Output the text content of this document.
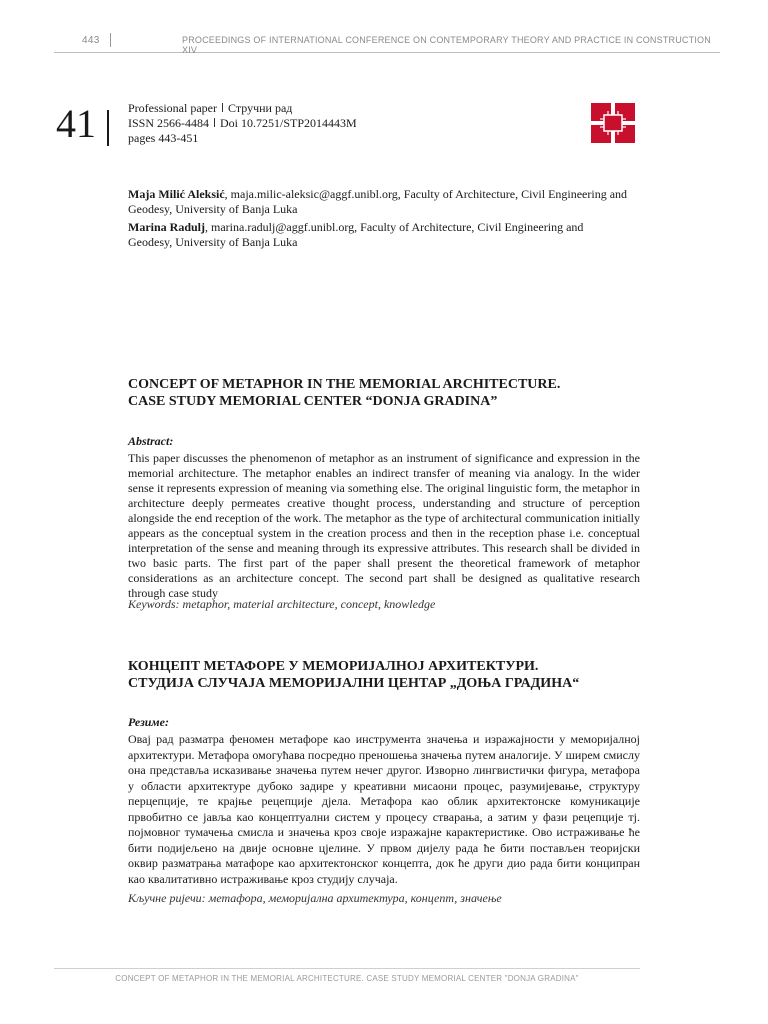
443	PROCEEDINGS OF INTERNATIONAL CONFERENCE ON CONTEMPORARY THEORY AND PRACTICE IN CONSTRUCTION XIV
41	Professional paper Стручни рад
ISSN 2566-4484 Doi 10.7251/STP2014443M
pages 443-451

Maja Milić Aleksić, maja.milic-aleksic@aggf.unibl.org, Faculty of Architecture, Civil Engineering and Geodesy, University of Banja Luka

Marina Radulj, marina.radulj@aggf.unibl.org, Faculty of Architecture, Civil Engineering and Geodesy, University of Banja Luka

CONCEPT OF METAPHOR IN THE MEMORIAL ARCHITECTURE.
CASE STUDY MEMORIAL CENTER “DONJA GRADINA”
Abstract:

This paper discusses the phenomenon of metaphor as an instrument of significance and expression in the memorial architecture. The metaphor enables an indirect transfer of meaning via analogy. In the wider sense it represents expression of meaning via something else. The original linguistic form, the metaphor in architecture deeply permeates creative thought process, understanding and structure of perception alongside the end reception of the work. The metaphor as the type of architectural communication initially appears as the conceptual system in the creation process and then in the reception phase i.e. conceptual interpretation of the sense and meaning through its expressive attributes. This research shall be divided in two basic parts. The first part of the paper shall present the theoretical framework of metaphor considerations as an architecture concept. The second part shall be designed as qualitative research through case study

Keywords: metaphor, material architecture, concept, knowledge
КОНЦЕПТ МЕТАФОРЕ У МЕМОРИЈАЛНОЈ АРХИТЕКТУРИ.
СТУДИЈА СЛУЧАЈА МЕМОРИЈАЛНИ ЦЕНТАР „ДОЊА ГРАДИНА“
Резиме:

Овај рад разматра феномен метафоре као инструмента значења и изражајности у меморијалној архитектури. Метафора омогућава посредно преношења значења путем аналогије. У ширем смислу она представља исказивање значења путем нечег другог. Изворно лингвистички фигура, метафора у области архитектуре дубоко задире у креативни мисаони процес, разумијевање, структуру перцепције, те крајње рецепције дјела. Метафора као облик архитектонске комуникације првобитно се јавља као концептуални систем у процесу стварања, а затим у фази рецепције тј. појмовног тумачења смисла и значења кроз своје изражајне карактеристике. Ово истраживање ће бити подијељено на двије основне цјелине. У првом дијелу рада ће бити постављен теоријски оквир разматрања матафоре као архитектонског концепта, док ће други дио рада бити конципран као квалитативно истраживање кроз студију случаја.

Кључне ријечи: метафора, меморијална архитектура, концепт, значење
CONCEPT OF METAPHOR IN THE MEMORIAL ARCHITECTURE. CASE STUDY MEMORIAL CENTER "DONJA GRADINA"
